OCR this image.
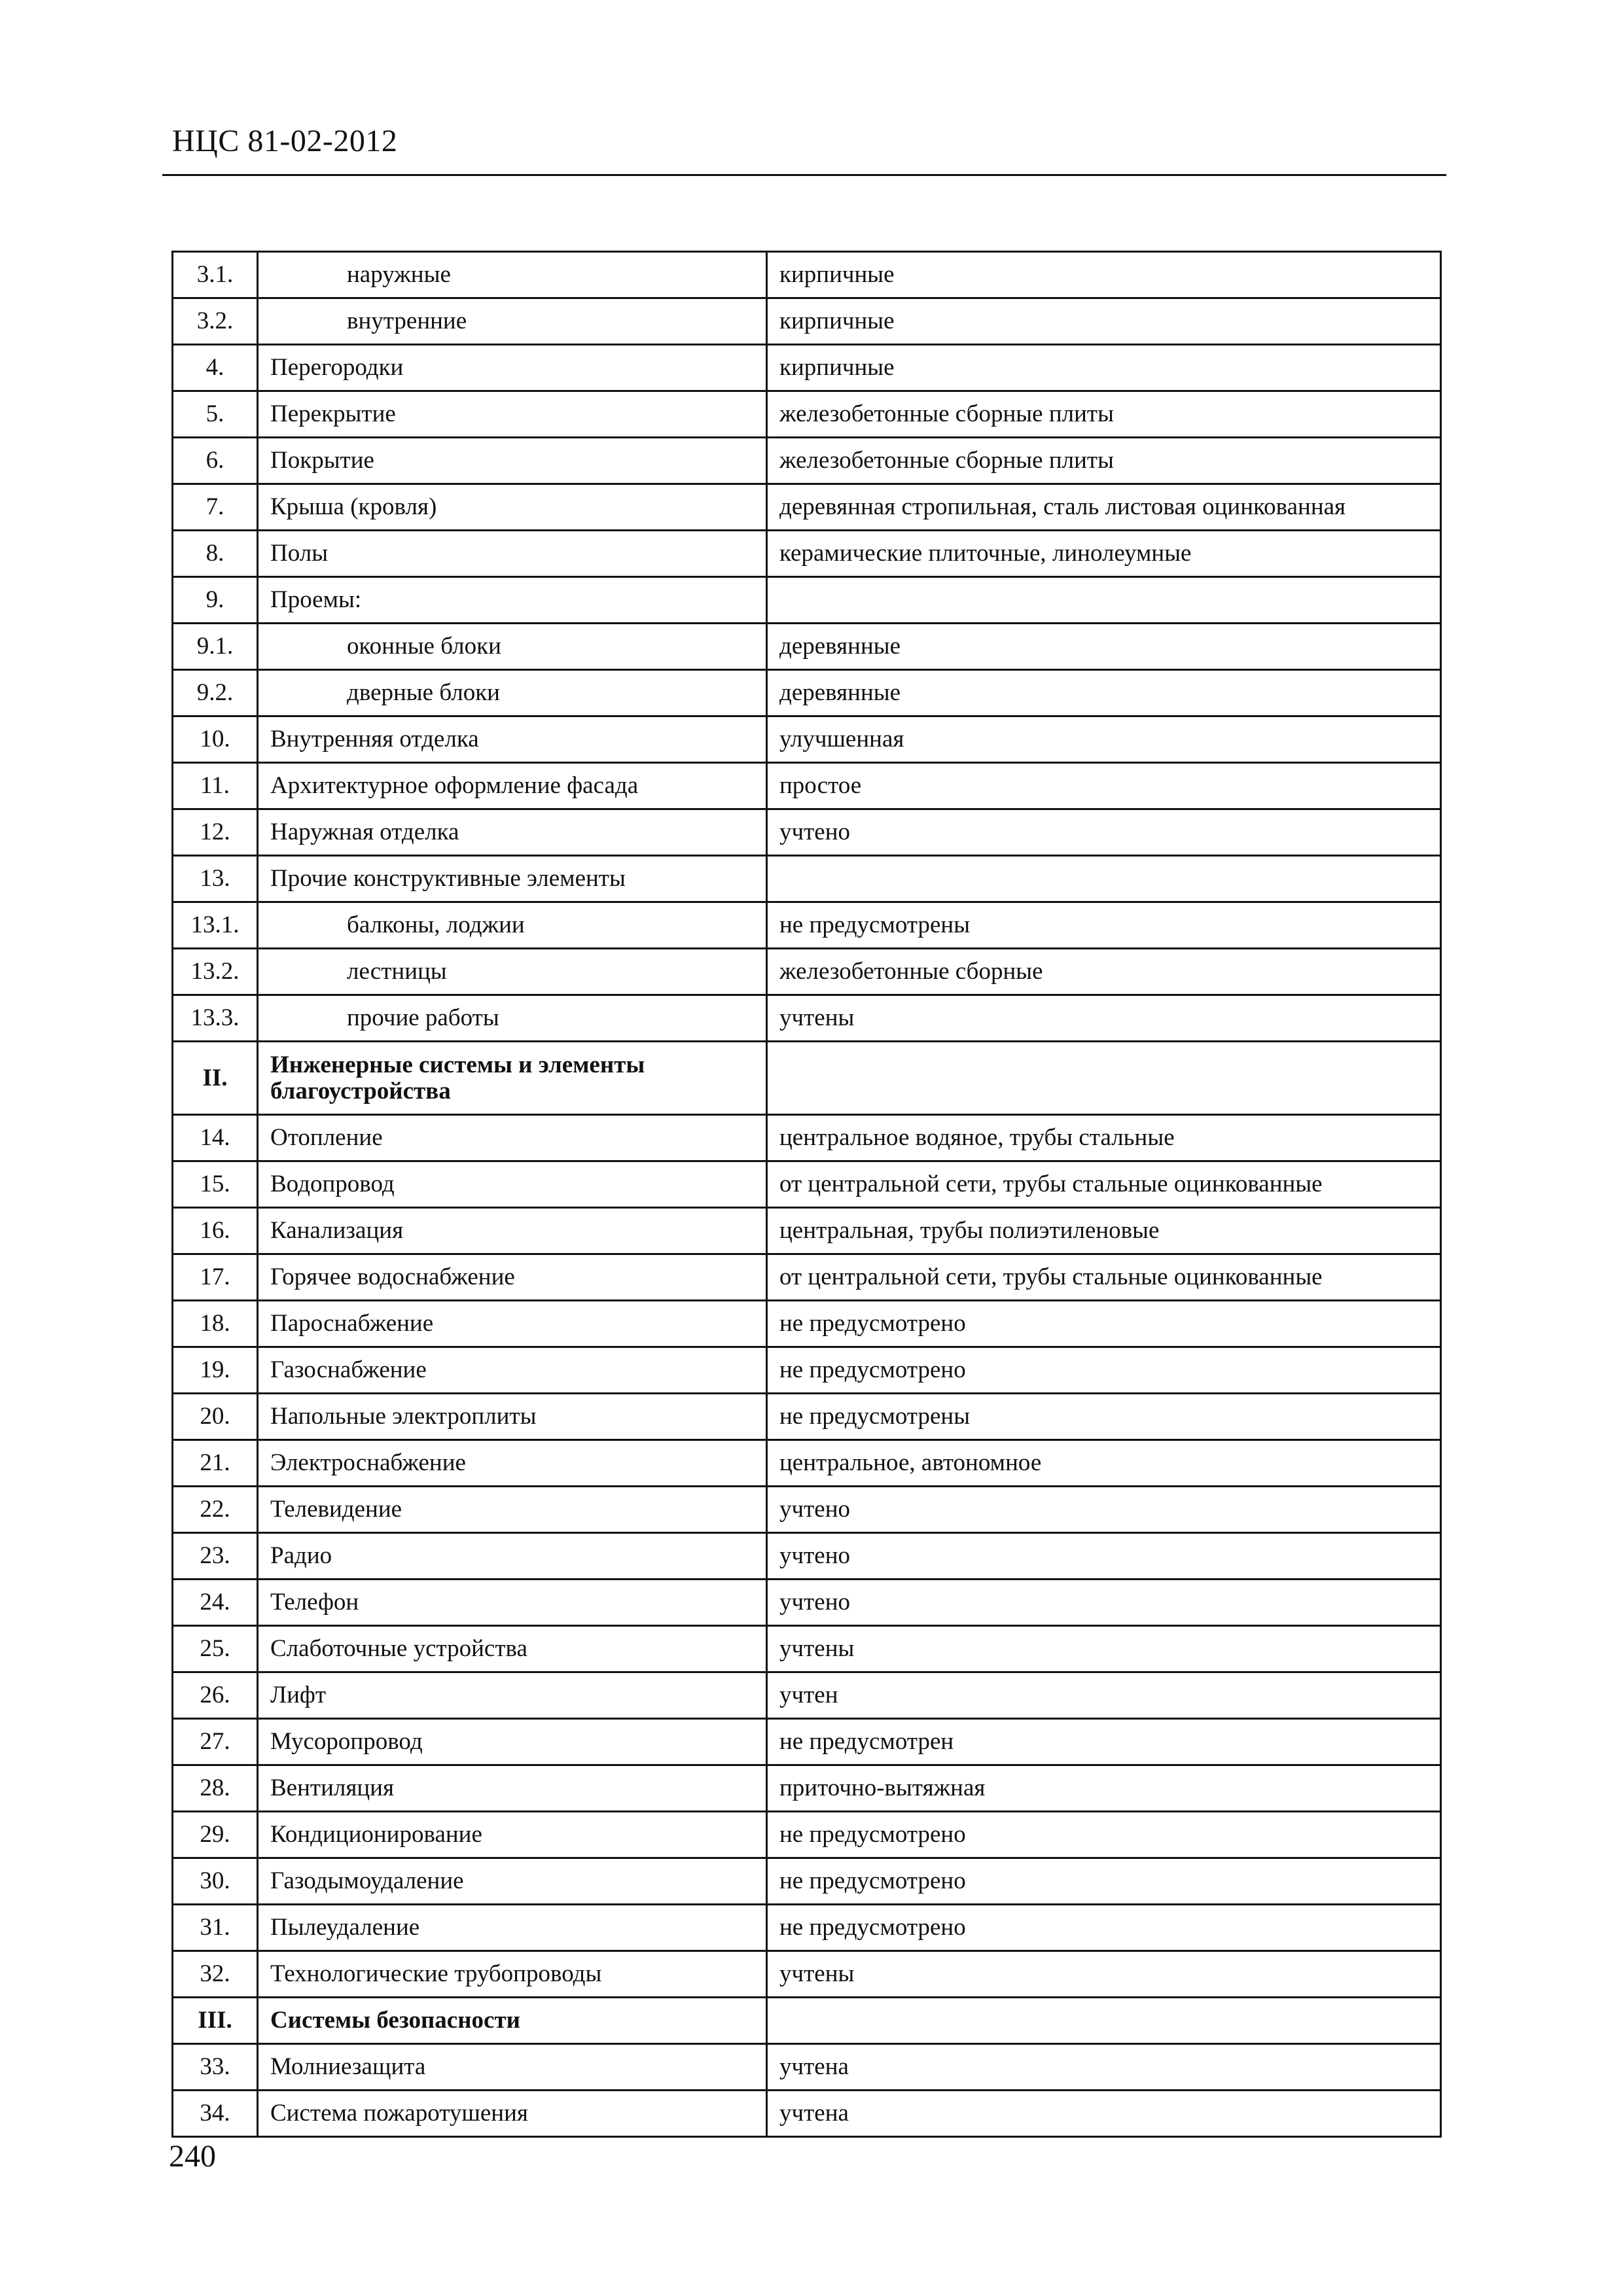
НЦС 81-02-2012
3.1.	наружные	кирпичные
3.2.	внутренние	кирпичные
4.	Перегородки	кирпичные
5.	Перекрытие	железобетонные сборные плиты
6.	Покрытие	железобетонные сборные плиты
7.	Крыша (кровля)	деревянная стропильная, сталь листовая оцинкованная
8.	Полы	керамические плиточные, линолеумные
9.	Проемы:	
9.1.	оконные блоки	деревянные
9.2.	дверные блоки	деревянные
10.	Внутренняя отделка	улучшенная
11.	Архитектурное оформление фасада	простое
12.	Наружная отделка	учтено
13.	Прочие конструктивные элементы	
13.1.	балконы, лоджии	не предусмотрены
13.2.	лестницы	железобетонные сборные
13.3.	прочие работы	учтены
II.	Инженерные системы и элементы благоустройства	
14.	Отопление	центральное водяное, трубы стальные
15.	Водопровод	от центральной сети, трубы стальные оцинкованные
16.	Канализация	центральная, трубы полиэтиленовые
17.	Горячее водоснабжение	от центральной сети, трубы стальные оцинкованные
18.	Пароснабжение	не предусмотрено
19.	Газоснабжение	не предусмотрено
20.	Напольные электроплиты	не предусмотрены
21.	Электроснабжение	центральное, автономное
22.	Телевидение	учтено
23.	Радио	учтено
24.	Телефон	учтено
25.	Слаботочные устройства	учтены
26.	Лифт	учтен
27.	Мусоропровод	не предусмотрен
28.	Вентиляция	приточно-вытяжная
29.	Кондиционирование	не предусмотрено
30.	Газодымоудаление	не предусмотрено
31.	Пылеудаление	не предусмотрено
32.	Технологические трубопроводы	учтены
III.	Системы безопасности	
33.	Молниезащита	учтена
34.	Система пожаротушения	учтена
240
